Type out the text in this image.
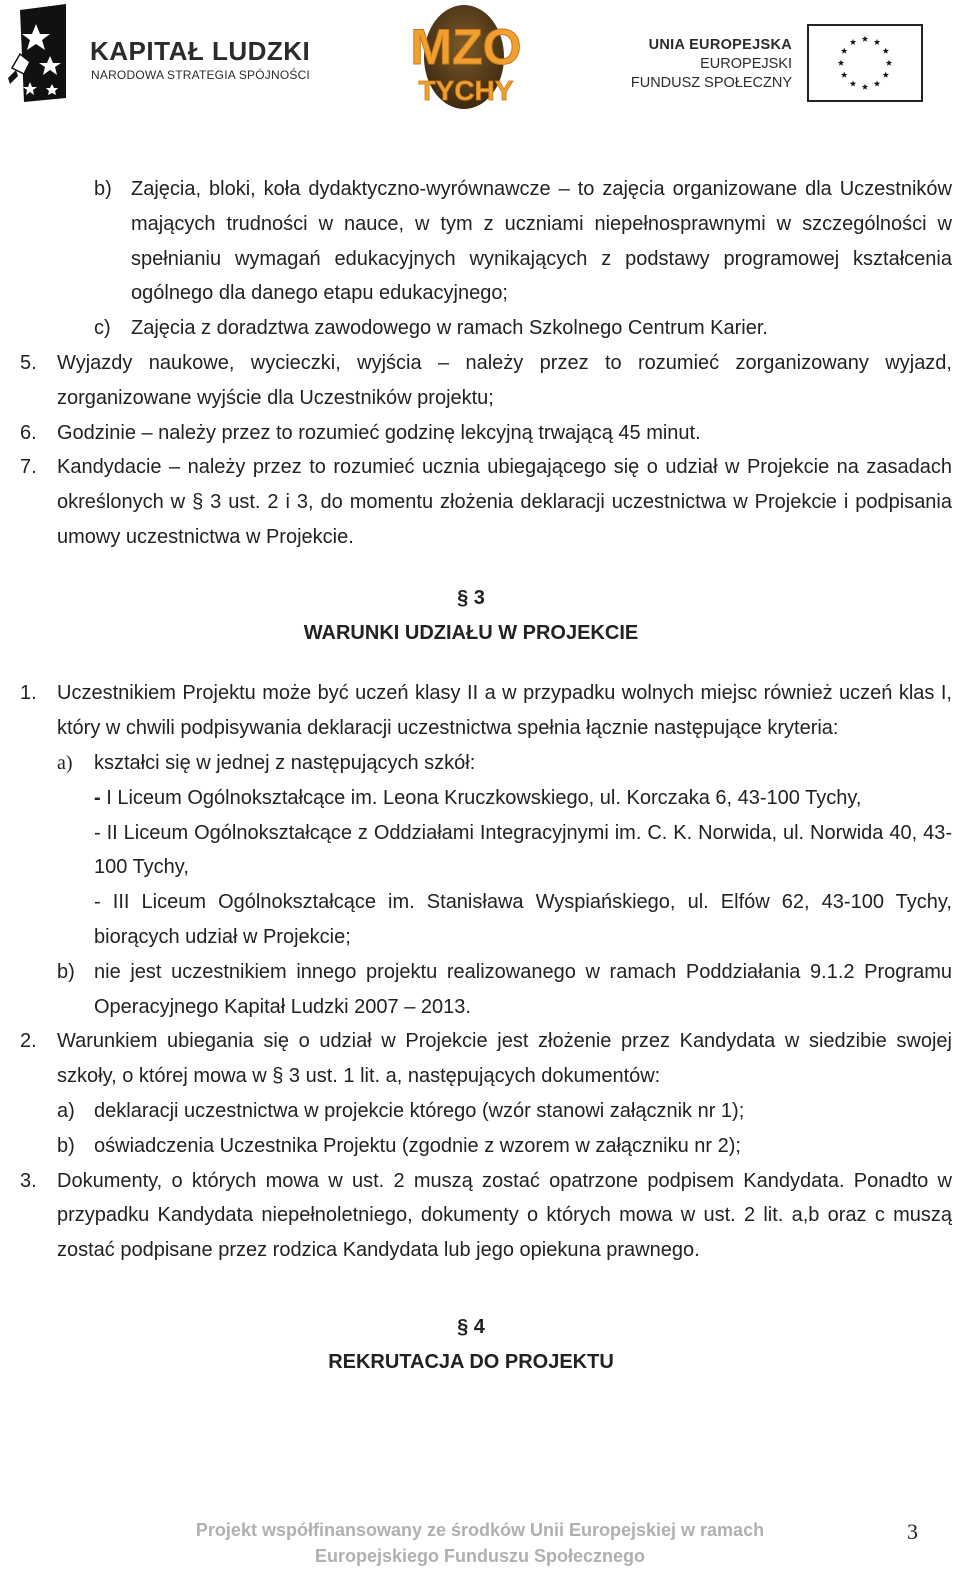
KAPITAŁ LUDZKI
NARODOWA STRATEGIA SPÓJNOŚCI MZO
TYCHY
UNIA EUROPEJSKA
EUROPEJSKI
FUNDUSZ SPOŁECZNY
b) Zajęcia, bloki, koła dydaktyczno-wyrównawcze – to zajęcia organizowane dla Uczestników mających trudności w nauce, w tym z uczniami niepełnosprawnymi w szczególności w spełnianiu wymagań edukacyjnych wynikających z podstawy programowej kształcenia ogólnego dla danego etapu edukacyjnego;
c) Zajęcia z doradztwa zawodowego w ramach Szkolnego Centrum Karier.
5. Wyjazdy naukowe, wycieczki, wyjścia – należy przez to rozumieć zorganizowany wyjazd, zorganizowane wyjście dla Uczestników projektu;
6. Godzinie – należy przez to rozumieć godzinę lekcyjną trwającą 45 minut.
7. Kandydacie – należy przez to rozumieć ucznia ubiegającego się o udział w Projekcie na zasadach określonych w § 3 ust. 2 i 3, do momentu złożenia deklaracji uczestnictwa w Projekcie i podpisania umowy uczestnictwa w Projekcie.
§ 3
WARUNKI UDZIAŁU W PROJEKCIE
1. Uczestnikiem Projektu może być uczeń klasy II a w przypadku wolnych miejsc również uczeń klas I, który w chwili podpisywania deklaracji uczestnictwa spełnia łącznie następujące kryteria:
a) kształci się w jednej z następujących szkół:
- I Liceum Ogólnokształcące im. Leona Kruczkowskiego, ul. Korczaka 6, 43-100 Tychy,
- II Liceum Ogólnokształcące z Oddziałami Integracyjnymi im. C. K. Norwida, ul. Norwida 40, 43-100 Tychy,
- III Liceum Ogólnokształcące im. Stanisława Wyspiańskiego, ul. Elfów 62, 43-100 Tychy, biorących udział w Projekcie;
b) nie jest uczestnikiem innego projektu realizowanego w ramach Poddziałania 9.1.2 Programu Operacyjnego Kapitał Ludzki 2007 – 2013.
2. Warunkiem ubiegania się o udział w Projekcie jest złożenie przez Kandydata w siedzibie swojej szkoły, o której mowa w § 3 ust. 1 lit. a, następujących dokumentów:
a) deklaracji uczestnictwa w projekcie którego (wzór stanowi załącznik nr 1);
b) oświadczenia Uczestnika Projektu (zgodnie z wzorem w załączniku nr 2);
3. Dokumenty, o których mowa w ust. 2 muszą zostać opatrzone podpisem Kandydata. Ponadto w przypadku Kandydata niepełnoletniego, dokumenty o których mowa w ust. 2 lit. a,b oraz c muszą zostać podpisane przez rodzica Kandydata lub jego opiekuna prawnego.
§ 4
REKRUTACJA DO PROJEKTU
Projekt współfinansowany ze środków Unii Europejskiej w ramach
Europejskiego Funduszu Społecznego
3
